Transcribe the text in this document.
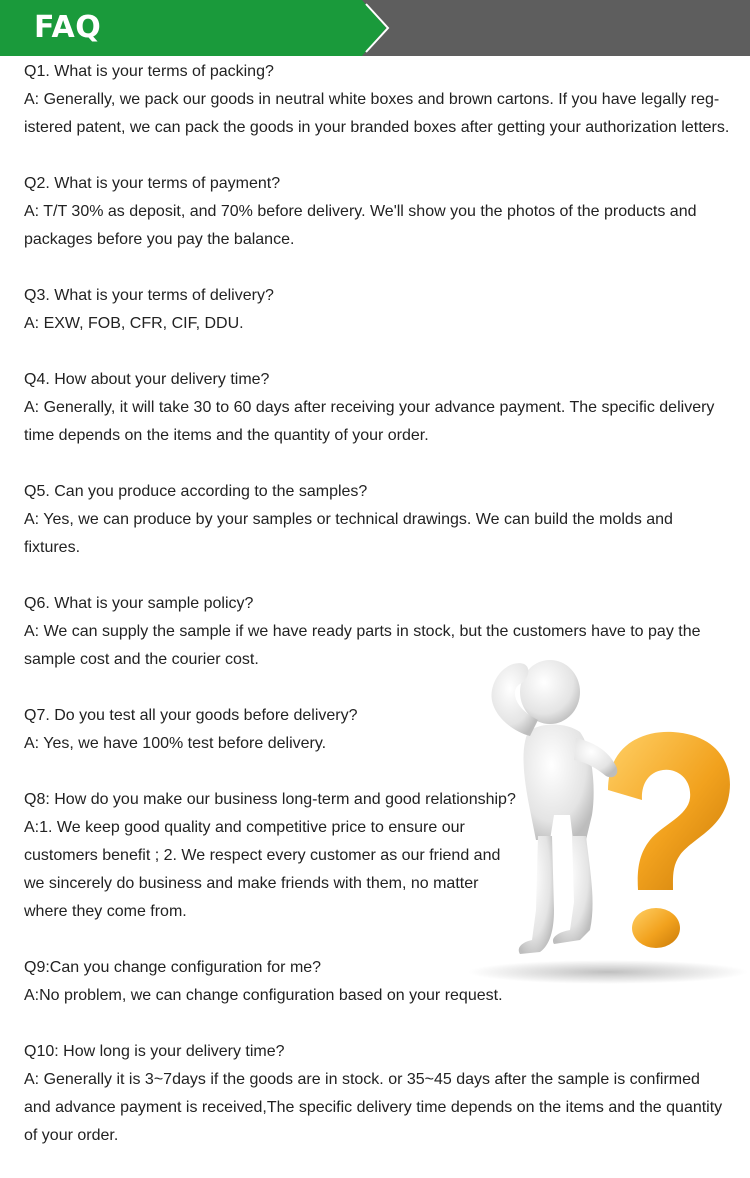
FAQ
Q1. What is your terms of packing?
A: Generally, we pack our goods in neutral white boxes and brown cartons. If you have legally reg-
istered patent, we can pack the goods in your branded boxes after getting your authorization letters.
Q2. What is your terms of payment?
A: T/T 30% as deposit, and 70% before delivery. We'll show you the photos of the products and
packages before you pay the balance.
Q3. What is your terms of delivery?
A: EXW, FOB, CFR, CIF, DDU.
Q4. How about your delivery time?
A: Generally, it will take 30 to 60 days after receiving your advance payment. The specific delivery
time depends on the items and the quantity of your order.
Q5. Can you produce according to the samples?
A: Yes, we can produce by your samples or technical drawings. We can build the molds and
fixtures.
Q6. What is your sample policy?
A: We can supply the sample if we have ready parts in stock, but the customers have to pay the
sample cost and the courier cost.
Q7. Do you test all your goods before delivery?
A: Yes, we have 100% test before delivery.
Q8: How do you make our business long-term and good relationship?
A:1. We keep good quality and competitive price to ensure our
customers benefit ; 2. We respect every customer as our friend and
we sincerely do business and make friends with them, no matter
where they come from.
Q9:Can you change configuration for me?
A:No problem, we can change configuration based on your request.
Q10: How long is your delivery time?
A: Generally it is 3~7days if the goods are in stock. or 35~45 days after the sample is confirmed
and advance payment is received,The specific delivery time depends on the items and the quantity
of your order.
